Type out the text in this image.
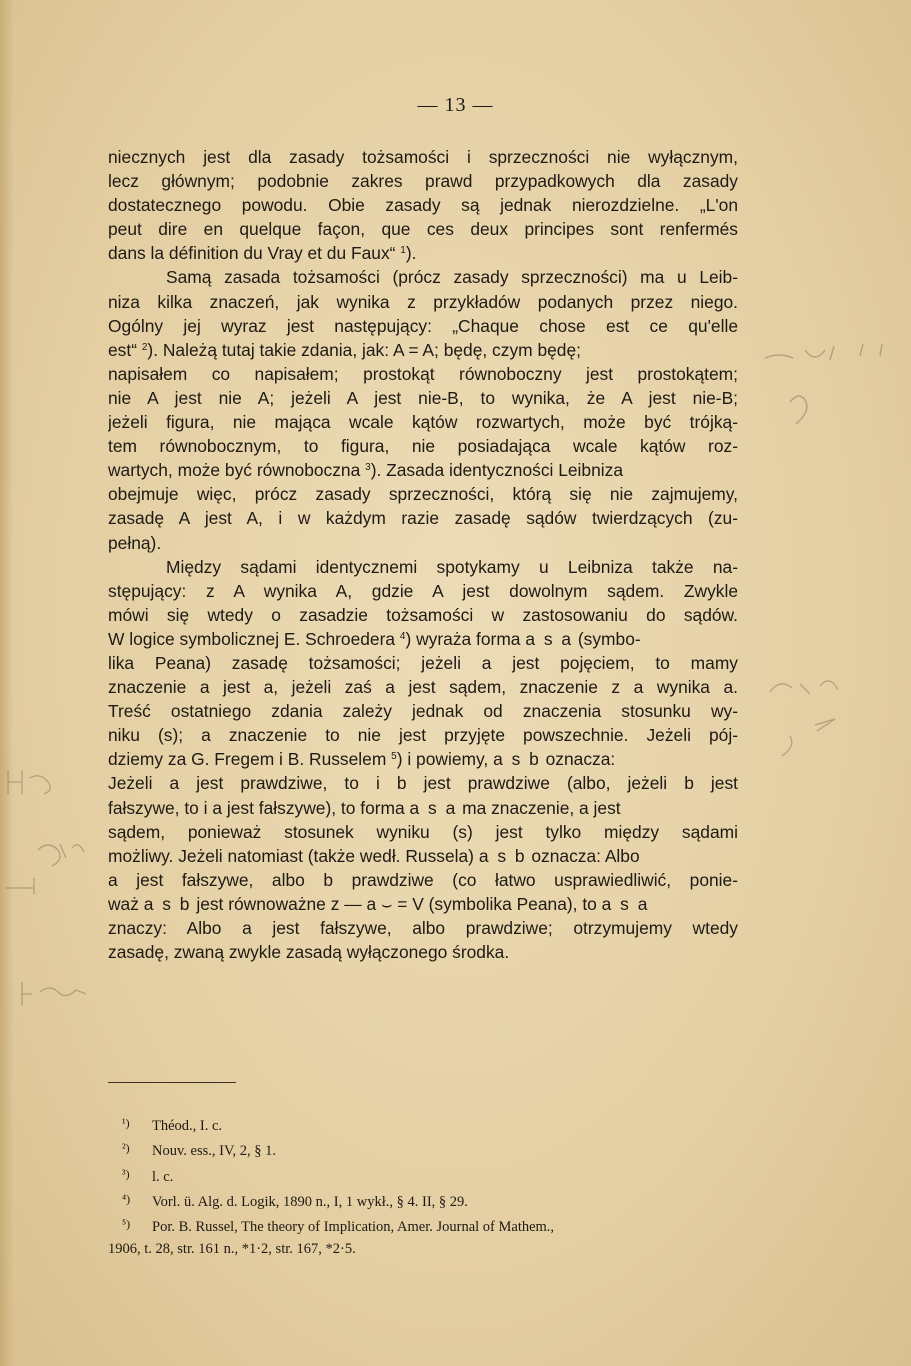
— 13 —
niecznych jest dla zasady tożsamości i sprzeczności nie wyłącznym,
lecz głównym; podobnie zakres prawd przypadkowych dla zasady
dostatecznego powodu. Obie zasady są jednak nierozdzielne. „L'on
peut dire en quelque façon, que ces deux principes sont renfermés
dans la définition du Vray et du Faux“ $^1$).
Samą zasada tożsamości (prócz zasady sprzeczności) ma u Leib-
niza kilka znaczeń, jak wynika z przykładów podanych przez niego.
Ogólny jej wyraz jest następujący: „Chaque chose est ce qu'elle
est“ $^2$). Należą tutaj takie zdania, jak: A = A; będę, czym będę;
napisałem co napisałem; prostokąt równoboczny jest prostokątem;
nie A jest nie A; jeżeli A jest nie-B, to wynika, że A jest nie-B;
jeżeli figura, nie mająca wcale kątów rozwartych, może być trójką-
tem równobocznym, to figura, nie posiadająca wcale kątów roz-
wartych, może być równoboczna $^3$). Zasada identyczności Leibniza
obejmuje więc, prócz zasady sprzeczności, którą się nie zajmujemy,
zasadę A jest A, i w każdym razie zasadę sądów twierdzących (zu-
pełną).
Między sądami identycznemi spotykamy u Leibniza także na-
stępujący: z A wynika A, gdzie A jest dowolnym sądem. Zwykle
mówi się wtedy o zasadzie tożsamości w zastosowaniu do sądów.
W logice symbolicznej E. Schroedera $^4$) wyraża forma a s a (symbo-
lika Peana) zasadę tożsamości; jeżeli a jest pojęciem, to mamy
znaczenie a jest a, jeżeli zaś a jest sądem, znaczenie z a wynika a.
Treść ostatniego zdania zależy jednak od znaczenia stosunku wy-
niku (s); a znaczenie to nie jest przyjęte powszechnie. Jeżeli pój-
dziemy za G. Fregem i B. Russelem $^5$) i powiemy, a s b oznacza:
Jeżeli a jest prawdziwe, to i b jest prawdziwe (albo, jeżeli b jest
fałszywe, to i a jest fałszywe), to forma a s a ma znaczenie, a jest
sądem, ponieważ stosunek wyniku (s) jest tylko między sądami
możliwy. Jeżeli natomiast (także wedł. Russela) a s b oznacza: Albo
a jest fałszywe, albo b prawdziwe (co łatwo usprawiedliwić, ponie-
waż a s b jest równoważne z — a ⌣ = V (symbolika Peana), to a s a
znaczy: Albo a jest fałszywe, albo prawdziwe; otrzymujemy wtedy
zasadę, zwaną zwykle zasadą wyłączonego środka.
¹) Théod., I. c.
²) Nouv. ess., IV, 2, § 1.
³) l. c.
⁴) Vorl. ü. Alg. d. Logik, 1890 n., I, 1 wykł., § 4. II, § 29.
⁵) Por. B. Russel, The theory of Implication, Amer. Journal of Mathem.,
1906, t. 28, str. 161 n., *1·2, str. 167, *2·5.
